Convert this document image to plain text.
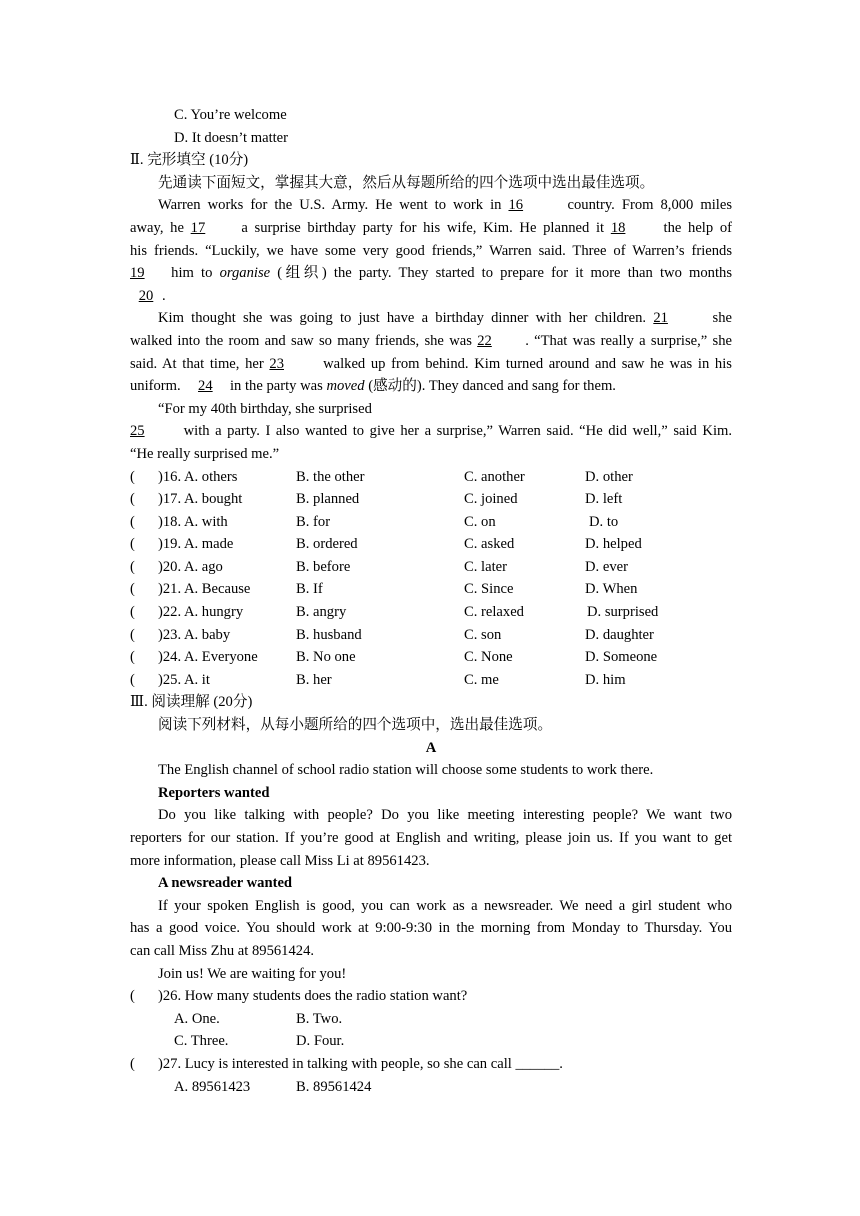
C. You’re welcome
D. It doesn’t matter
Ⅱ. 完形填空 (10分)
先通读下面短文，掌握其大意，然后从每题所给的四个选项中选出最佳选项。
Warren works for the U.S. Army. He went to work in 16	country. From 8,000 miles
away, he 17 a surprise birthday party for his wife, Kim. He planned it 18	the help of
his friends. “Luckily, we have some very good friends,” Warren said. Three of Warren’s friends
19 him to organise (组织) the party. They started to prepare for it more than two months
20 .
Kim thought she was going to just have a birthday dinner with her children. 21	she
walked into the room and saw so many friends, she was 22 . “That was really a surprise,” she
said. At that time, her 23	walked up from behind. Kim turned around and saw he was in his
uniform. 24 in the party was moved (感动的). They danced and sang for them.
“For my 40th birthday, she surprised
25	with a party. I also wanted to give her a surprise,” Warren said. “He did well,” said Kim.
“He really surprised me.”
( )16. A. others	B. the other	C. another	D. other
( )17. A. bought	B. planned	C. joined	D. left
( )18. A. with	B. for	C. on	D. to
( )19. A. made	B. ordered	C. asked	D. helped
( )20. A. ago	B. before	C. later	D. ever
( )21. A. Because	B. If	C. Since	D. When
( )22. A. hungry	B. angry	C. relaxed	D. surprised
( )23. A. baby	B. husband	C. son	D. daughter
( )24. A. Everyone	B. No one	C. None	D. Someone
( )25. A. it	B. her	C. me	D. him
Ⅲ. 阅读理解 (20分)
阅读下列材料，从每小题所给的四个选项中，选出最佳选项。
A
The English channel of school radio station will choose some students to work there.
Reporters wanted
Do you like talking with people? Do you like meeting interesting people? We want two
reporters for our station. If you’re good at English and writing, please join us. If you want to get
more information, please call Miss Li at 89561423.
A newsreader wanted
If your spoken English is good, you can work as a newsreader. We need a girl student who
has a good voice. You should work at 9:00-9:30 in the morning from Monday to Thursday. You
can call Miss Zhu at 89561424.
Join us! We are waiting for you!
( )26. How many students does the radio station want?
A. One.	B. Two.
C. Three.	D. Four.
( )27. Lucy is interested in talking with people, so she can call ______.
A. 89561423	B. 89561424
